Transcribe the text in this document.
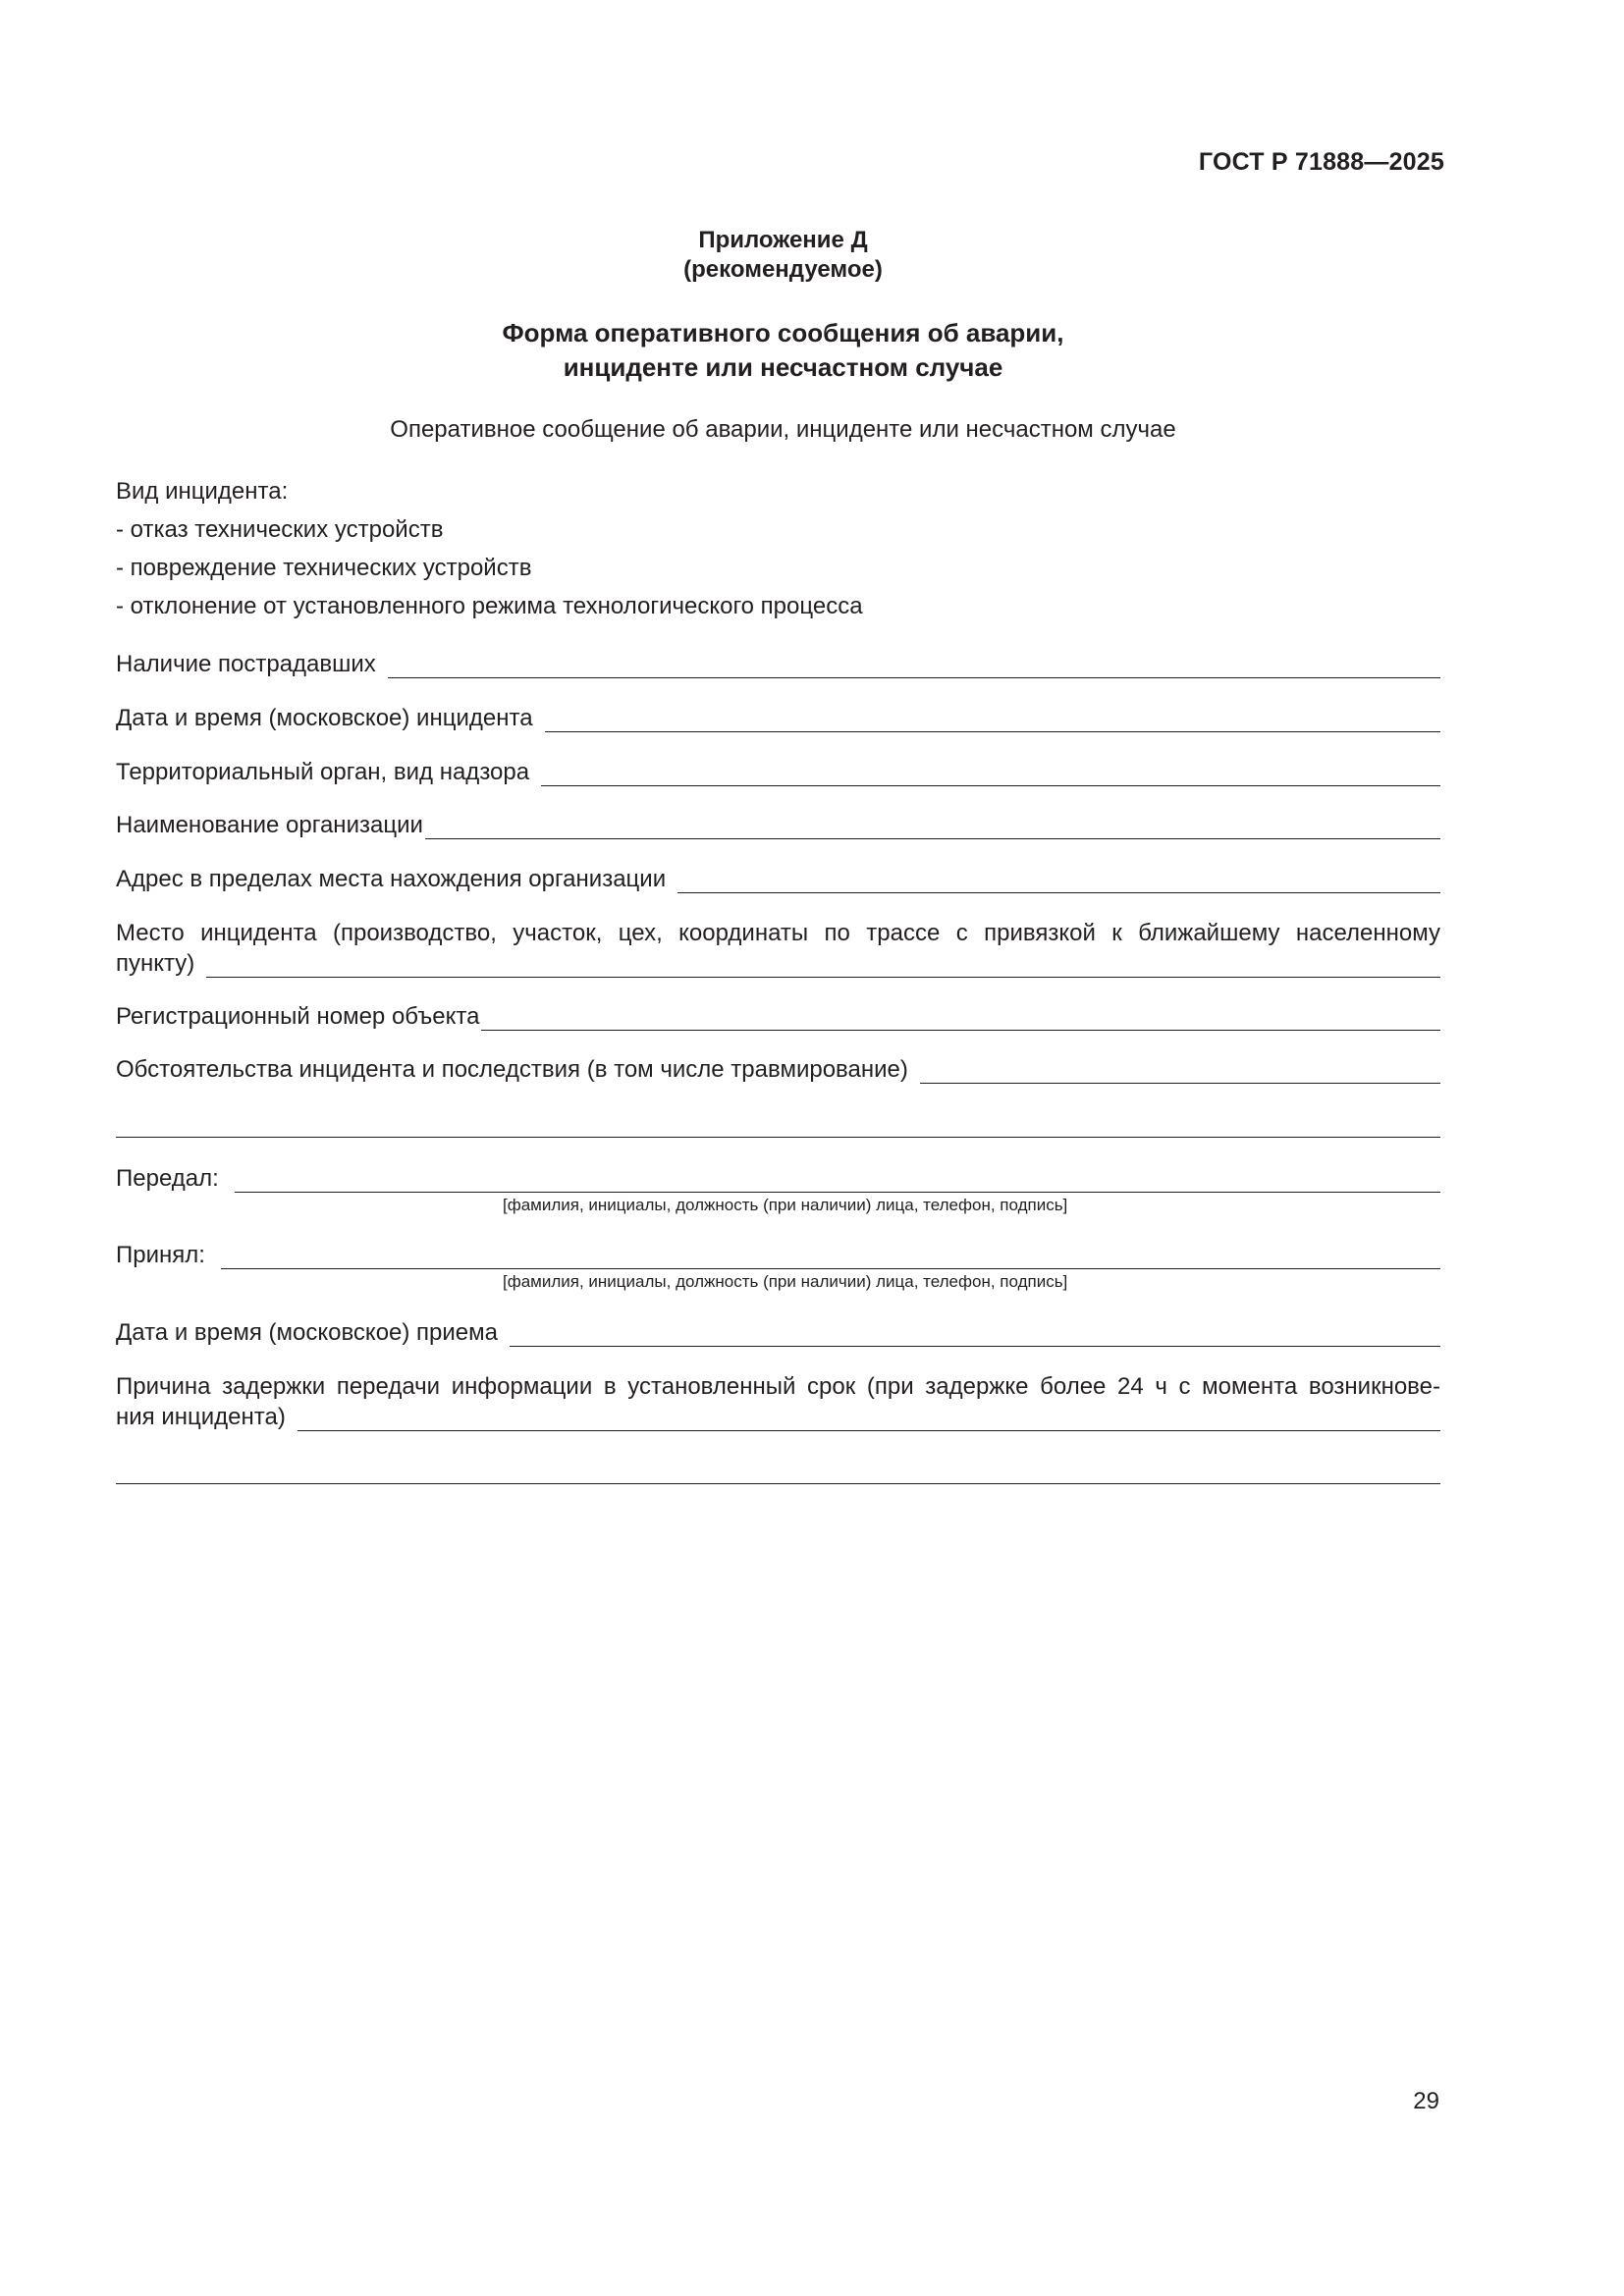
ГОСТ Р 71888—2025
Приложение Д
(рекомендуемое)
Форма оперативного сообщения об аварии,
инциденте или несчастном случае
Оперативное сообщение об аварии, инциденте или несчастном случае
Вид инцидента:
- отказ технических устройств
- повреждение технических устройств
- отклонение от установленного режима технологического процесса
Наличие пострадавших
Дата и время (московское) инцидента
Территориальный орган, вид надзора
Наименование организации
Адрес в пределах места нахождения организации
Место инцидента (производство, участок, цех, координаты по трассе с привязкой к ближайшему населенному
пункту)
Регистрационный номер объекта
Обстоятельства инцидента и последствия (в том числе травмирование)
Передал:
[фамилия, инициалы, должность (при наличии) лица, телефон, подпись]
Принял:
[фамилия, инициалы, должность (при наличии) лица, телефон, подпись]
Дата и время (московское) приема
Причина задержки передачи информации в установленный срок (при задержке более 24 ч с момента возникнове-
ния инцидента)
29
